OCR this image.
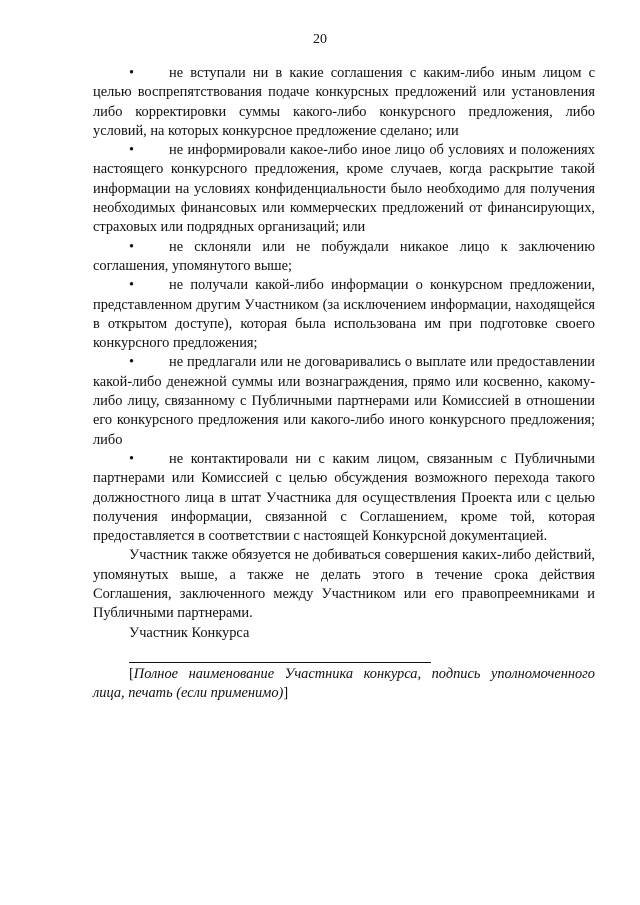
20

• не вступали ни в какие соглашения с каким-либо иным лицом с целью воспрепятствования подаче конкурсных предложений или установления либо корректировки суммы какого-либо конкурсного предложения, либо условий, на которых конкурсное предложение сделано; или

• не информировали какое-либо иное лицо об условиях и положениях настоящего конкурсного предложения, кроме случаев, когда раскрытие такой информации на условиях конфиденциальности было необходимо для получения необходимых финансовых или коммерческих предложений от финансирующих, страховых или подрядных организаций; или

• не склоняли или не побуждали никакое лицо к заключению соглашения, упомянутого выше;

• не получали какой-либо информации о конкурсном предложении, представленном другим Участником (за исключением информации, находящейся в открытом доступе), которая была использована им при подготовке своего конкурсного предложения;

• не предлагали или не договаривались о выплате или предоставлении какой-либо денежной суммы или вознаграждения, прямо или косвенно, какому-либо лицу, связанному с Публичными партнерами или Комиссией в отношении его конкурсного предложения или какого-либо иного конкурсного предложения; либо

• не контактировали ни с каким лицом, связанным с Публичными партнерами или Комиссией с целью обсуждения возможного перехода такого должностного лица в штат Участника для осуществления Проекта или с целью получения информации, связанной с Соглашением, кроме той, которая предоставляется в соответствии с настоящей Конкурсной документацией.

Участник также обязуется не добиваться совершения каких-либо действий, упомянутых выше, а также не делать этого в течение срока действия Соглашения, заключенного между Участником или его правопреемниками и Публичными партнерами.

Участник Конкурса

[Полное наименование Участника конкурса, подпись уполномоченного лица, печать (если применимо)]
